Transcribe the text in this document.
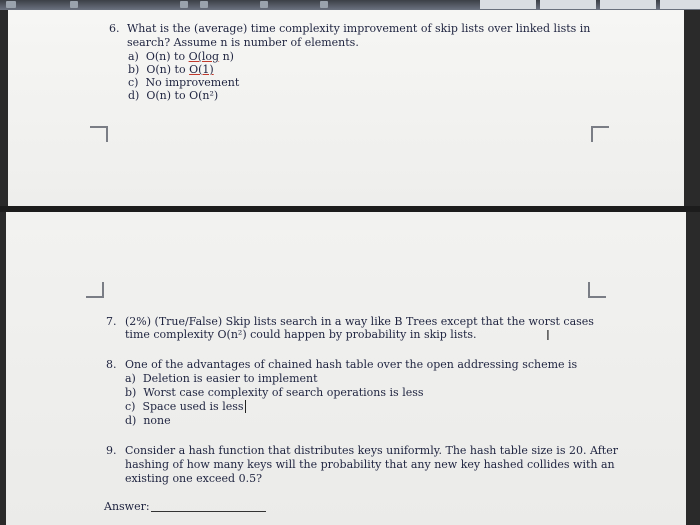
6. What is the (average) time complexity improvement of skip lists over linked lists in
search? Assume n is number of elements.
a) O(n) to O(log n)
b) O(n) to O(1)
c) No improvement
d) O(n) to O(n²)
7. (2%) (True/False) Skip lists search in a way like B Trees except that the worst cases
time complexity O(n²) could happen by probability in skip lists.	I
8. One of the advantages of chained hash table over the open addressing scheme is
a) Deletion is easier to implement
b) Worst case complexity of search operations is less
c) Space used is less
d) none
9. Consider a hash function that distributes keys uniformly. The hash table size is 20. After
hashing of how many keys will the probability that any new key hashed collides with an
existing one exceed 0.5?
Answer:
